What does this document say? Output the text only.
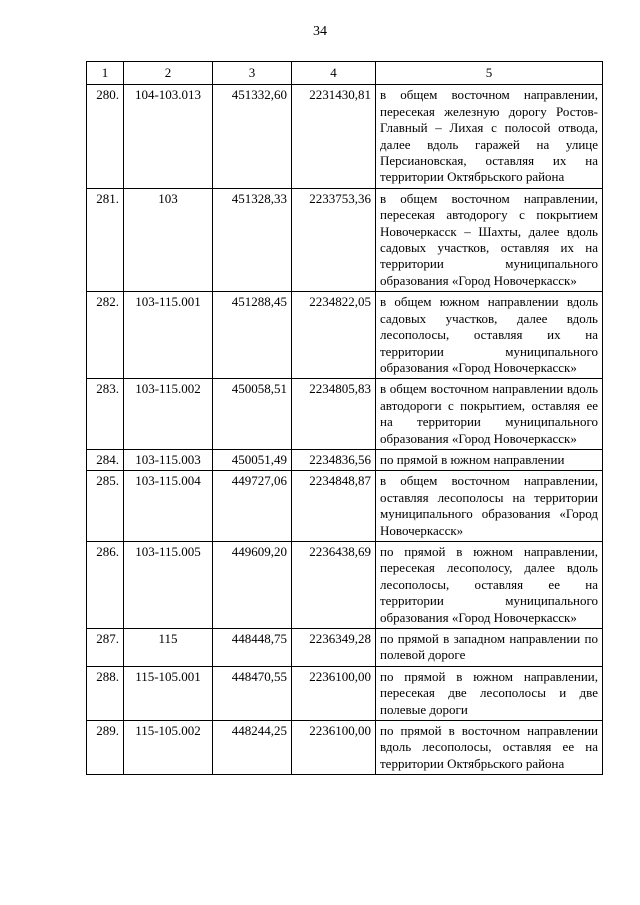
34
1	2	3	4	5
280.	104-103.013	451332,60	2231430,81	в общем восточном направлении, пересекая железную дорогу Ростов-Главный – Лихая с полосой отвода, далее вдоль гаражей на улице Персиановская, оставляя их на территории Октябрьского района
281.	103	451328,33	2233753,36	в общем восточном направлении, пересекая автодорогу с покрытием Новочеркасск – Шахты, далее вдоль садовых участков, оставляя их на территории муниципального образования «Город Новочеркасск»
282.	103-115.001	451288,45	2234822,05	в общем южном направлении вдоль садовых участков, далее вдоль лесополосы, оставляя их на территории муниципального образования «Город Новочеркасск»
283.	103-115.002	450058,51	2234805,83	в общем восточном направлении вдоль автодороги с покрытием, оставляя ее на территории муниципального образования «Город Новочеркасск»
284.	103-115.003	450051,49	2234836,56	по прямой в южном направлении
285.	103-115.004	449727,06	2234848,87	в общем восточном направлении, оставляя лесополосы на территории муниципального образования «Город Новочеркасск»
286.	103-115.005	449609,20	2236438,69	по прямой в южном направлении, пересекая лесополосу, далее вдоль лесополосы, оставляя ее на территории муниципального образования «Город Новочеркасск»
287.	115	448448,75	2236349,28	по прямой в западном направлении по полевой дороге
288.	115-105.001	448470,55	2236100,00	по прямой в южном направлении, пересекая две лесополосы и две полевые дороги
289.	115-105.002	448244,25	2236100,00	по прямой в восточном направлении вдоль лесополосы, оставляя ее на территории Октябрьского района
